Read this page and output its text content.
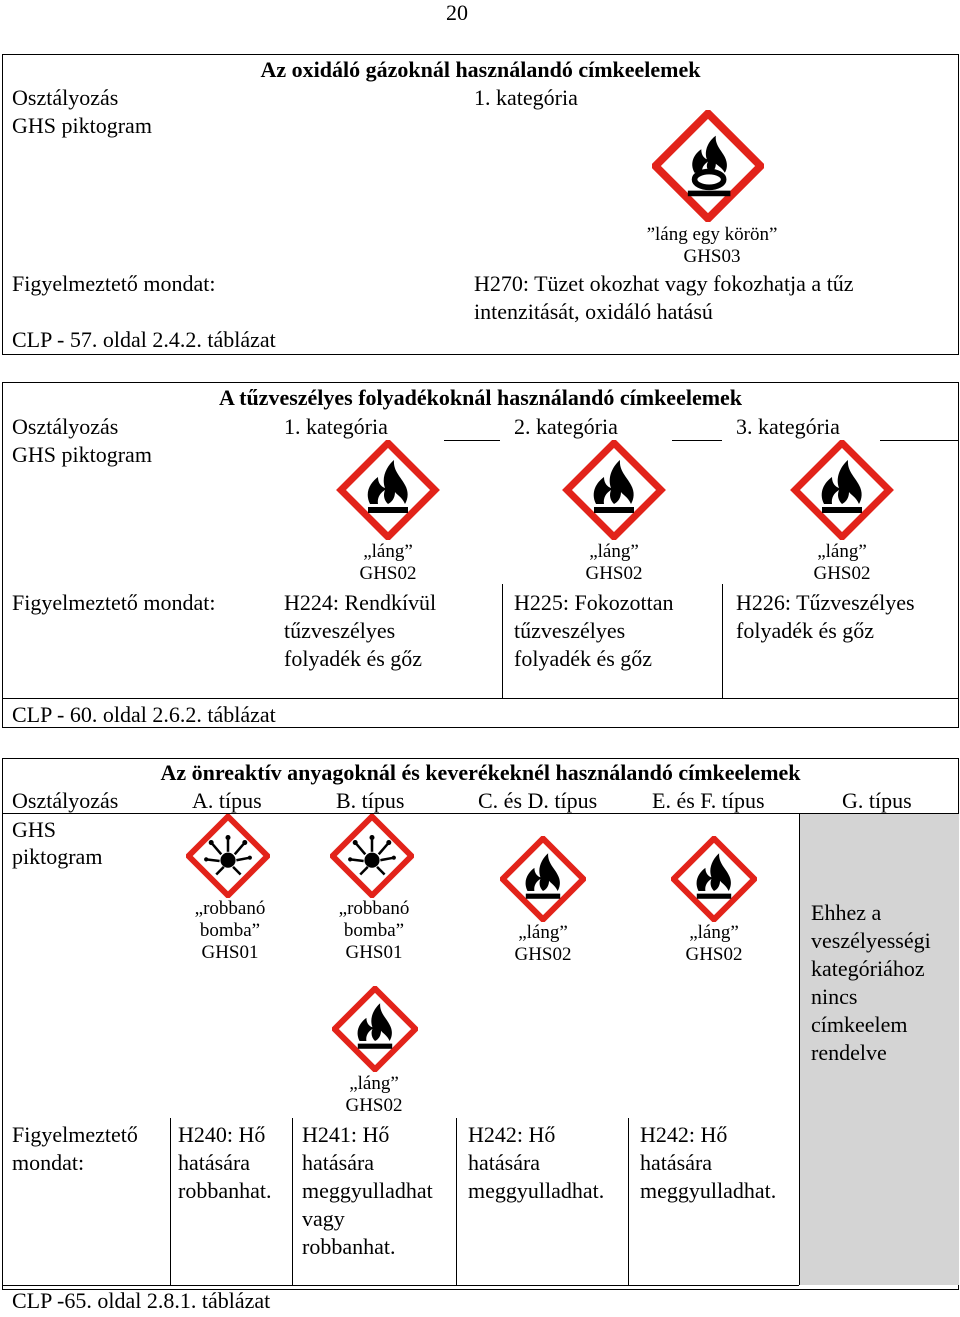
20
Az oxidáló gázoknál használandó címkeelemek
Osztályozás	1. kategória
GHS piktogram
”láng egy körön”
GHS03
Figyelmeztető mondat:	H270: Tüzet okozhat vagy fokozhatja a tűz
intenzitását, oxidáló hatású
CLP - 57. oldal 2.4.2. táblázat
A tűzveszélyes folyadékoknál használandó címkeelemek
Osztályozás
GHS piktogram
Figyelmeztető mondat:
CLP - 60. oldal 2.6.2. táblázat
1. kategória
„láng”
GHS02
H224: Rendkívül
tűzveszélyes
folyadék és gőz
2. kategória
„láng”
GHS02
H225: Fokozottan
tűzveszélyes
folyadék és gőz
3. kategória
„láng”
GHS02
H226: Tűzveszélyes
folyadék és gőz
Az önreaktív anyagoknál és keverékeknél használandó címkeelemek
Osztályozás
GHS
piktogram
Figyelmeztető
mondat:
CLP -65. oldal 2.8.1. táblázat
A. típus
„robbanó
bomba”
GHS01
H240: Hő
hatására
robbanhat.
B. típus
„robbanó
bomba”
GHS01
„láng”
GHS02
H241: Hő
hatására
meggyulladhat
vagy
robbanhat.
C. és D. típus
„láng”
GHS02
H242: Hő
hatására
meggyulladhat.
E. és F. típus
„láng”
GHS02
H242: Hő
hatására
meggyulladhat.
G. típus
Ehhez a
veszélyességi
kategóriához
nincs
címkeelem
rendelve
